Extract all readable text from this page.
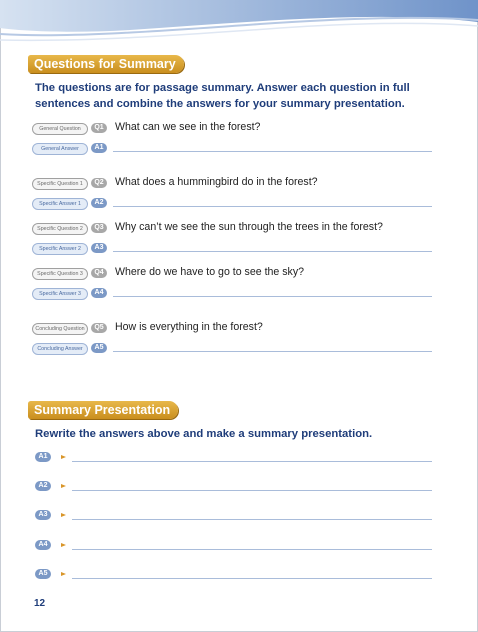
Questions for Summary
The questions are for passage summary. Answer each question in full sentences and combine the answers for your summary presentation.
General Question	Q1	What can we see in the forest?
General Answer	A1
Specific Question 1	Q2	What does a hummingbird do in the forest?
Specific Answer 1	A2
Specific Question 2	Q3	Why can’t we see the sun through the trees in the forest?
Specific Answer 2	A3
Specific Question 3	Q4	Where do we have to go to see the sky?
Specific Answer 3	A4
Concluding Question	Q5	How is everything in the forest?
Concluding Answer	A5
Summary Presentation
Rewrite the answers above and make a summary presentation.
A1
A2
A3
A4
A5
12
